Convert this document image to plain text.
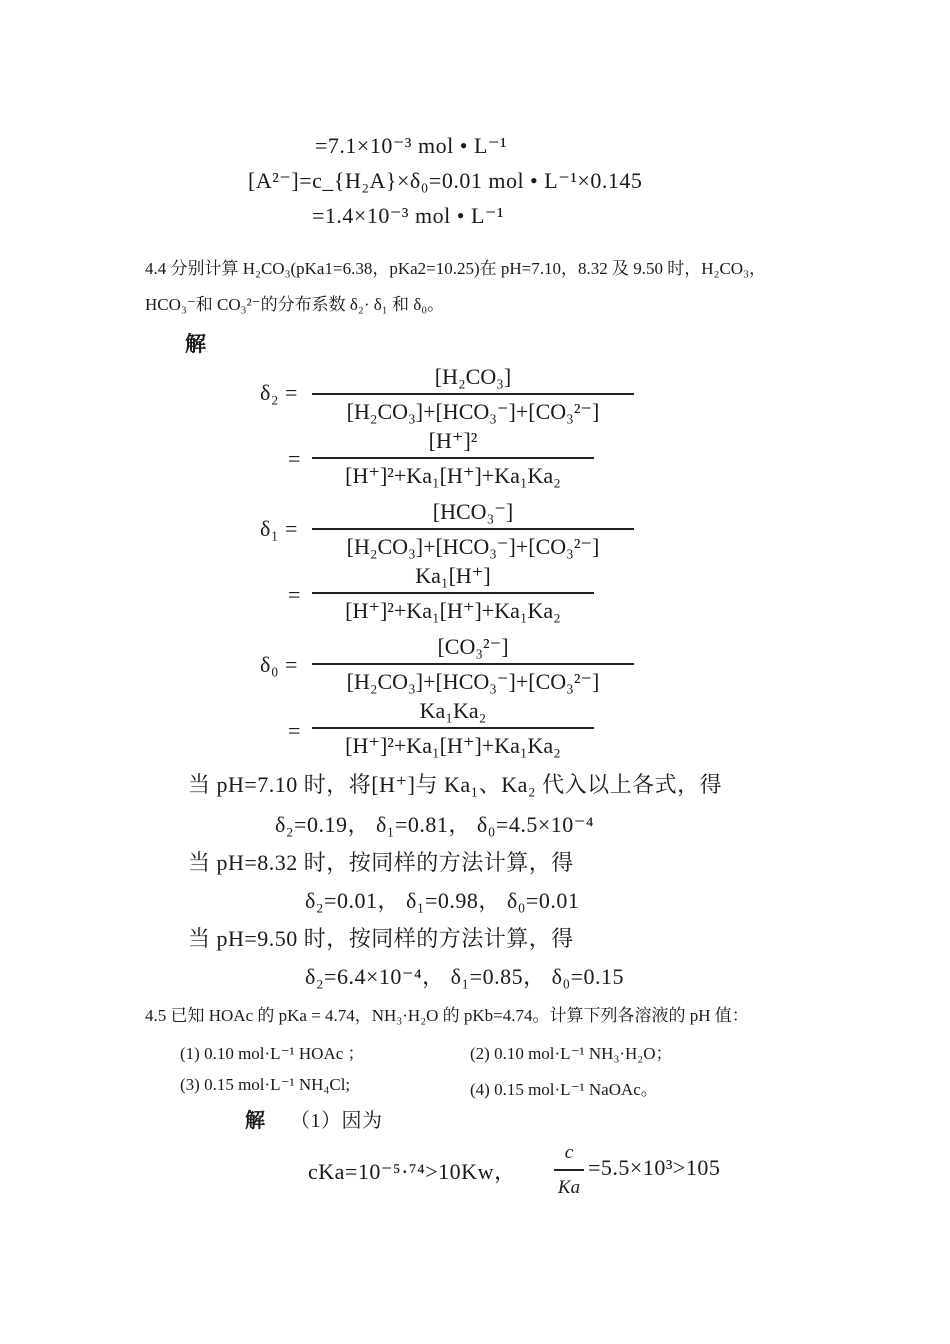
=7.1×10⁻³ mol • L⁻¹
[A²⁻]=c_{H₂A}×δ₀=0.01 mol • L⁻¹×0.145
=1.4×10⁻³ mol • L⁻¹
4.4 分别计算 H₂CO₃(pKa1=6.38，pKa2=10.25)在 pH=7.10，8.32 及 9.50 时，H₂CO₃，
HCO₃⁻和 CO₃²⁻的分布系数 δ₂· δ₁ 和 δ₀。
解
δ₂ =
[H₂CO₃]
[H₂CO₃]+[HCO₃⁻]+[CO₃²⁻]
=
[H⁺]²
[H⁺]²+Ka₁[H⁺]+Ka₁Ka₂
δ₁ =
[HCO₃⁻]
[H₂CO₃]+[HCO₃⁻]+[CO₃²⁻]
=
Ka₁[H⁺]
[H⁺]²+Ka₁[H⁺]+Ka₁Ka₂
δ₀ =
[CO₃²⁻]
[H₂CO₃]+[HCO₃⁻]+[CO₃²⁻]
=
Ka₁Ka₂
[H⁺]²+Ka₁[H⁺]+Ka₁Ka₂
当 pH=7.10 时，将[H⁺]与 Ka₁、Ka₂ 代入以上各式，得
δ₂=0.19， δ₁=0.81， δ₀=4.5×10⁻⁴
当 pH=8.32 时，按同样的方法计算，得
δ₂=0.01， δ₁=0.98， δ₀=0.01
当 pH=9.50 时，按同样的方法计算，得
δ₂=6.4×10⁻⁴， δ₁=0.85， δ₀=0.15
4.5 已知 HOAc 的 pKa = 4.74，NH₃·H₂O 的 pKb=4.74。计算下列各溶液的 pH 值：
(1) 0.10 mol·L⁻¹ HOAc ；	(2) 0.10 mol·L⁻¹ NH₃·H₂O；
(3) 0.15 mol·L⁻¹ NH₄Cl;	(4) 0.15 mol·L⁻¹ NaOAc。
解 （1）因为
cKa=10⁻⁵·⁷⁴>10Kw，
c
Ka
=5.5×10³>105
